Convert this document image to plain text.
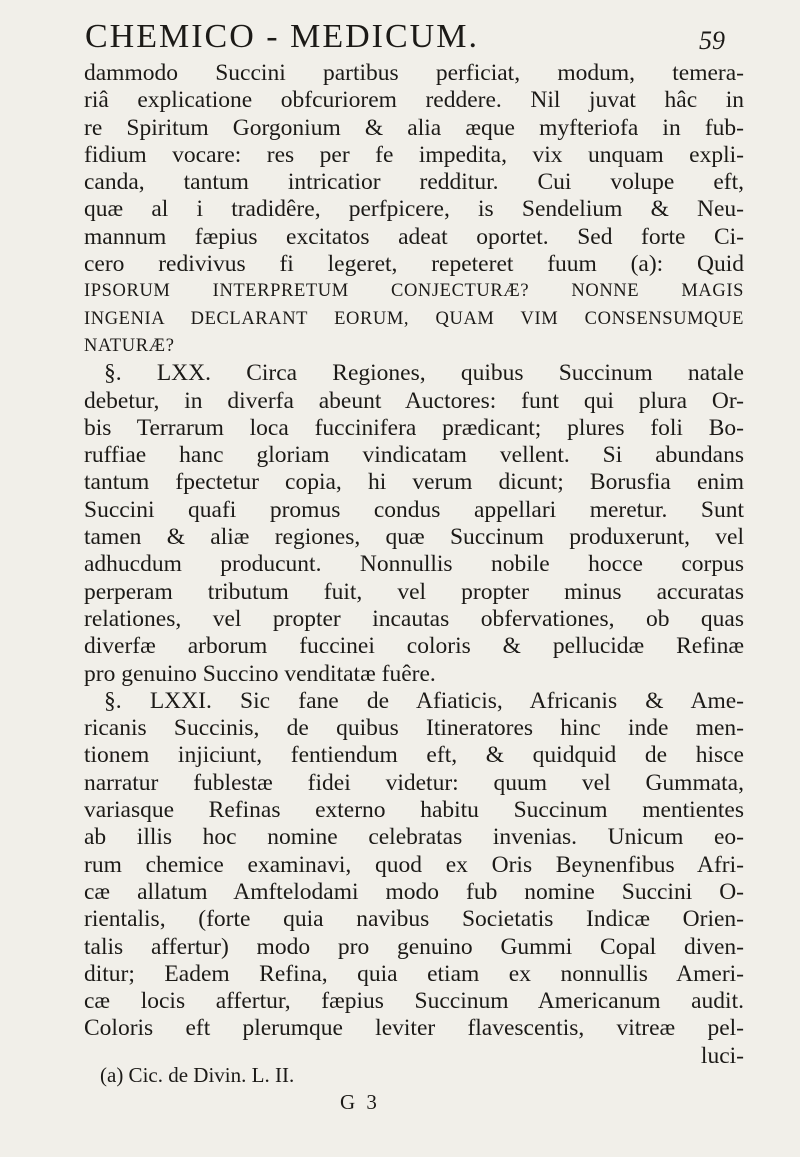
CHEMICO - MEDICUM.	59
dammodo Succini partibus perficiat, modum, temera-
riâ explicatione obfcuriorem reddere. Nil juvat hâc in
re Spiritum Gorgonium & alia æque myfteriofa in fub-
fidium vocare: res per fe impedita, vix unquam expli-
canda, tantum intricatior redditur. Cui volupe eft,
quæ al i tradidêre, perfpicere, is Sendelium & Neu-
mannum fæpius excitatos adeat oportet. Sed forte Ci-
cero redivivus fi legeret, repeteret fuum (a): Quid
IPSORUM INTERPRETUM CONJECTURÆ? NONNE MAGIS
INGENIA DECLARANT EORUM, QUAM VIM CONSENSUMQUE
NATURÆ?
§. LXX. Circa Regiones, quibus Succinum natale
debetur, in diverfa abeunt Auctores: funt qui plura Or-
bis Terrarum loca fuccinifera prædicant; plures foli Bo-
ruffiae hanc gloriam vindicatam vellent. Si abundans
tantum fpectetur copia, hi verum dicunt; Borusfia enim
Succini quafi promus condus appellari meretur. Sunt
tamen & aliæ regiones, quæ Succinum produxerunt, vel
adhucdum producunt. Nonnullis nobile hocce corpus
perperam tributum fuit, vel propter minus accuratas
relationes, vel propter incautas obfervationes, ob quas
diverfæ arborum fuccinei coloris & pellucidæ Refinæ
pro genuino Succino venditatæ fuêre.
§. LXXI. Sic fane de Afiaticis, Africanis & Ame-
ricanis Succinis, de quibus Itineratores hinc inde men-
tionem injiciunt, fentiendum eft, & quidquid de hisce
narratur fublestæ fidei videtur: quum vel Gummata,
variasque Refinas externo habitu Succinum mentientes
ab illis hoc nomine celebratas invenias. Unicum eo-
rum chemice examinavi, quod ex Oris Beynenfibus Afri-
cæ allatum Amftelodami modo fub nomine Succini O-
rientalis, (forte quia navibus Societatis Indicæ Orien-
talis affertur) modo pro genuino Gummi Copal diven-
ditur; Eadem Refina, quia etiam ex nonnullis Ameri-
cæ locis affertur, fæpius Succinum Americanum audit.
Coloris eft plerumque leviter flavescentis, vitreæ pel-
luci-
(a) Cic. de Divin. L. II.
G 3
